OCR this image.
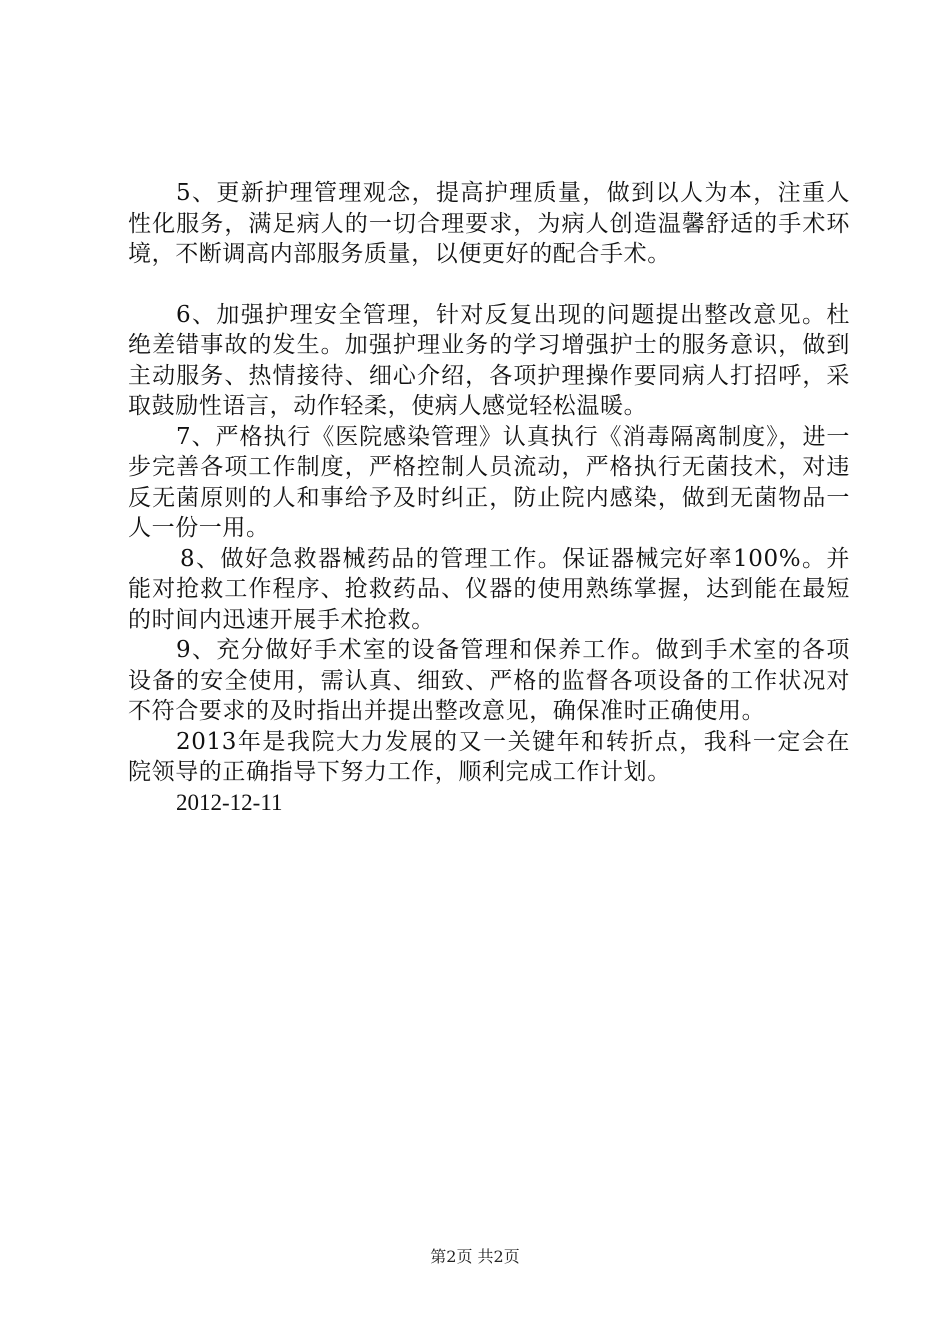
5、更新护理管理观念，提高护理质量，做到以人为本，注重人性化服务，满足病人的一切合理要求，为病人创造温馨舒适的手术环境，不断调高内部服务质量，以便更好的配合手术。

6、加强护理安全管理，针对反复出现的问题提出整改意见。杜绝差错事故的发生。加强护理业务的学习增强护士的服务意识，做到主动服务、热情接待、细心介绍，各项护理操作要同病人打招呼，采取鼓励性语言，动作轻柔，使病人感觉轻松温暖。

7、严格执行《医院感染管理》认真执行《消毒隔离制度》，进一步完善各项工作制度，严格控制人员流动，严格执行无菌技术，对违反无菌原则的人和事给予及时纠正，防止院内感染，做到无菌物品一人一份一用。

8、做好急救器械药品的管理工作。保证器械完好率100%。并能对抢救工作程序、抢救药品、仪器的使用熟练掌握，达到能在最短的时间内迅速开展手术抢救。

9、充分做好手术室的设备管理和保养工作。做到手术室的各项设备的安全使用，需认真、细致、严格的监督各项设备的工作状况对不符合要求的及时指出并提出整改意见，确保准时正确使用。

2013年是我院大力发展的又一关键年和转折点，我科一定会在院领导的正确指导下努力工作，顺利完成工作计划。

2012-12-11

第2页 共2页
